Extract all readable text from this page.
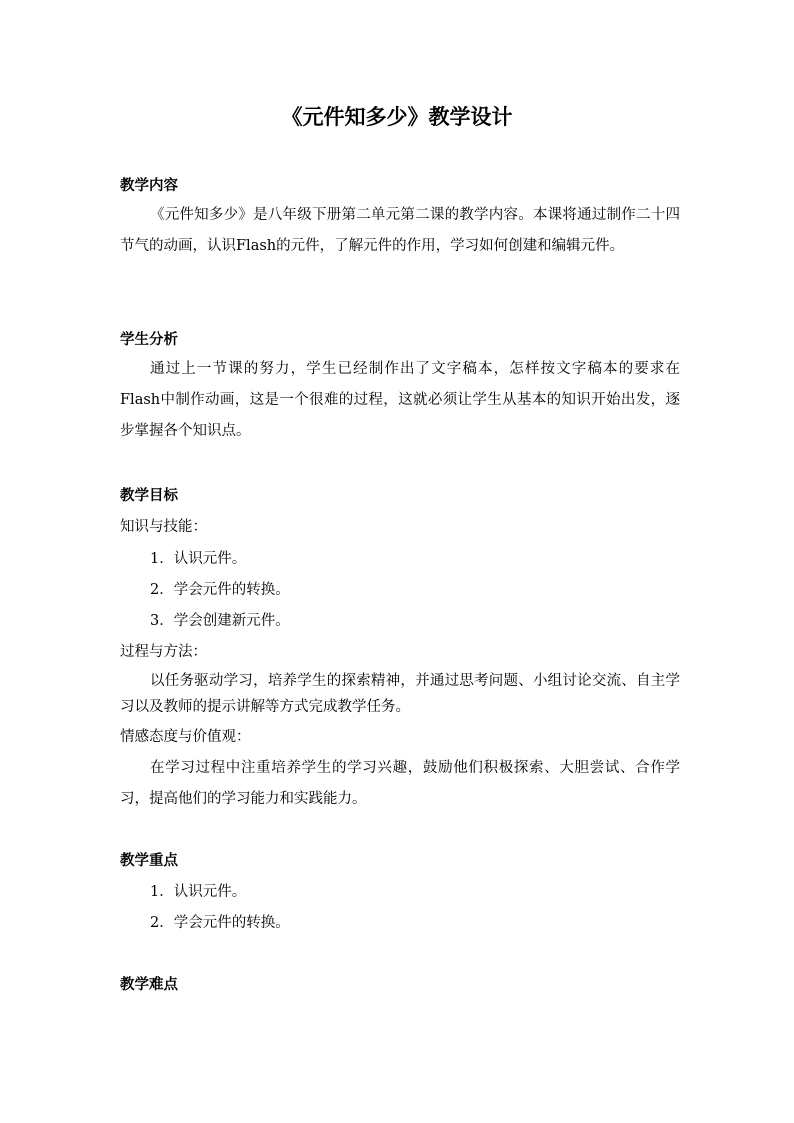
《元件知多少》教学设计
教学内容
《元件知多少》是八年级下册第二单元第二课的教学内容。本课将通过制作二十四节气的动画，认识Flash的元件，了解元件的作用，学习如何创建和编辑元件。
学生分析
通过上一节课的努力，学生已经制作出了文字稿本，怎样按文字稿本的要求在Flash中制作动画，这是一个很难的过程，这就必须让学生从基本的知识开始出发，逐步掌握各个知识点。
教学目标
知识与技能：
1．认识元件。
2．学会元件的转换。
3．学会创建新元件。
过程与方法：
以任务驱动学习，培养学生的探索精神，并通过思考问题、小组讨论交流、自主学习以及教师的提示讲解等方式完成教学任务。
情感态度与价值观：
在学习过程中注重培养学生的学习兴趣，鼓励他们积极探索、大胆尝试、合作学习，提高他们的学习能力和实践能力。
教学重点
1．认识元件。
2．学会元件的转换。
教学难点
